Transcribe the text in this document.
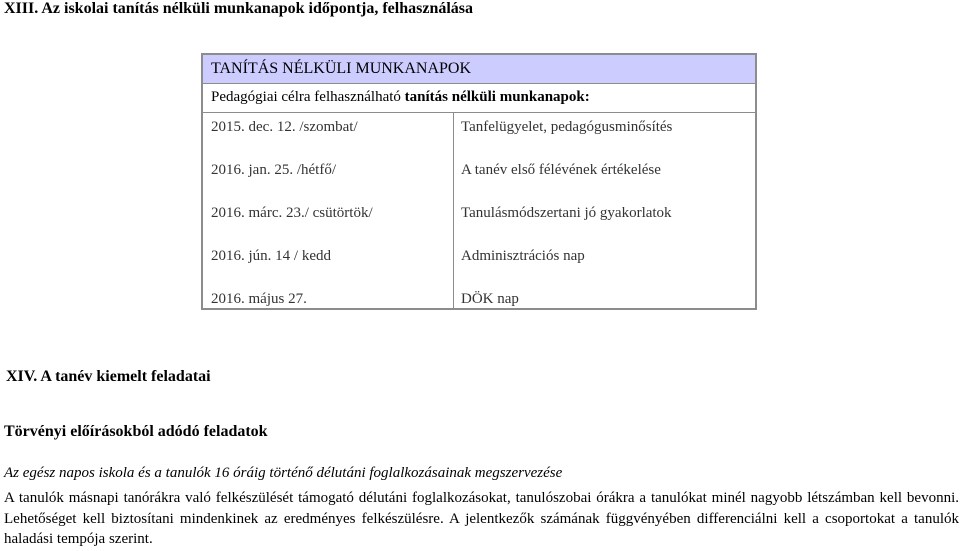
XIII. Az iskolai tanítás nélküli munkanapok időpontja, felhasználása
TANÍTÁS NÉLKÜLI MUNKANAPOK
Pedagógiai célra felhasználható tanítás nélküli munkanapok:
2015. dec. 12. /szombat/	Tanfelügyelet, pedagógusminősítés
2016. jan. 25. /hétfő/	A tanév első félévének értékelése
2016. márc. 23./ csütörtök/	Tanulásmódszertani jó gyakorlatok
2016. jún. 14 / kedd	Adminisztrációs nap
2016. május 27.	DÖK nap
XIV. A tanév kiemelt feladatai
Törvényi előírásokból adódó feladatok
Az egész napos iskola és a tanulók 16 óráig történő délutáni foglalkozásainak megszervezése
A tanulók másnapi tanórákra való felkészülését támogató délutáni foglalkozásokat, tanulószobai órákra a tanulókat minél nagyobb létszámban kell bevonni. Lehetőséget kell biztosítani mindenkinek az eredményes felkészülésre. A jelentkezők számának függvényében differenciálni kell a csoportokat a tanulók haladási tempója szerint.
